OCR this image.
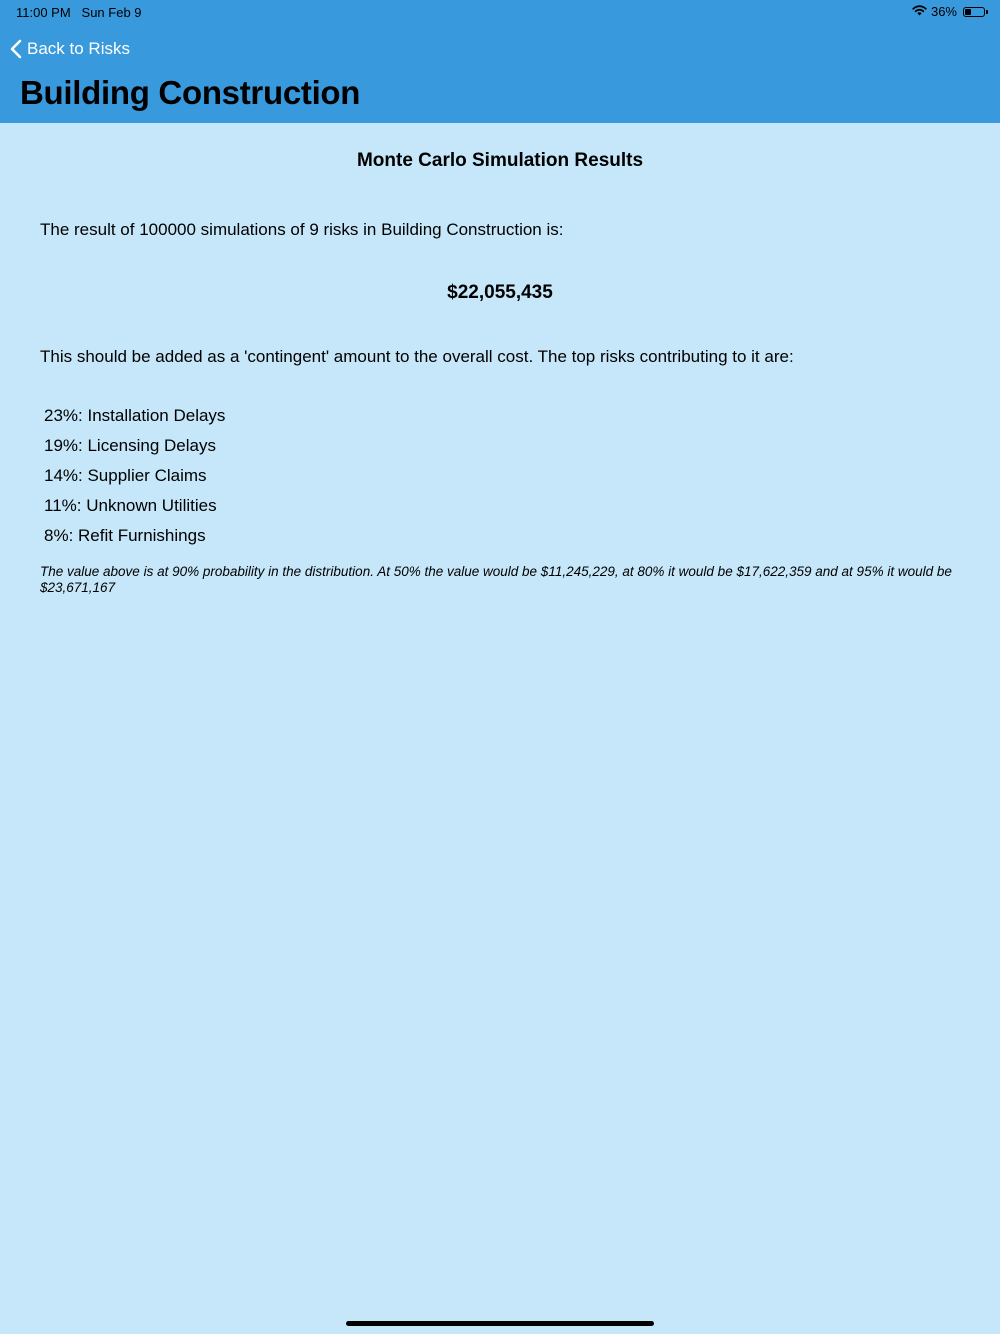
11:00 PM Sun Feb 9	36%
Back to Risks
Building Construction
Monte Carlo Simulation Results
The result of 100000 simulations of 9 risks in Building Construction is:
$22,055,435
This should be added as a 'contingent' amount to the overall cost. The top risks contributing to it are:
23%: Installation Delays
19%: Licensing Delays
14%: Supplier Claims
11%: Unknown Utilities
8%: Refit Furnishings
The value above is at 90% probability in the distribution. At 50% the value would be $11,245,229, at 80% it would be $17,622,359 and at 95% it would be $23,671,167
